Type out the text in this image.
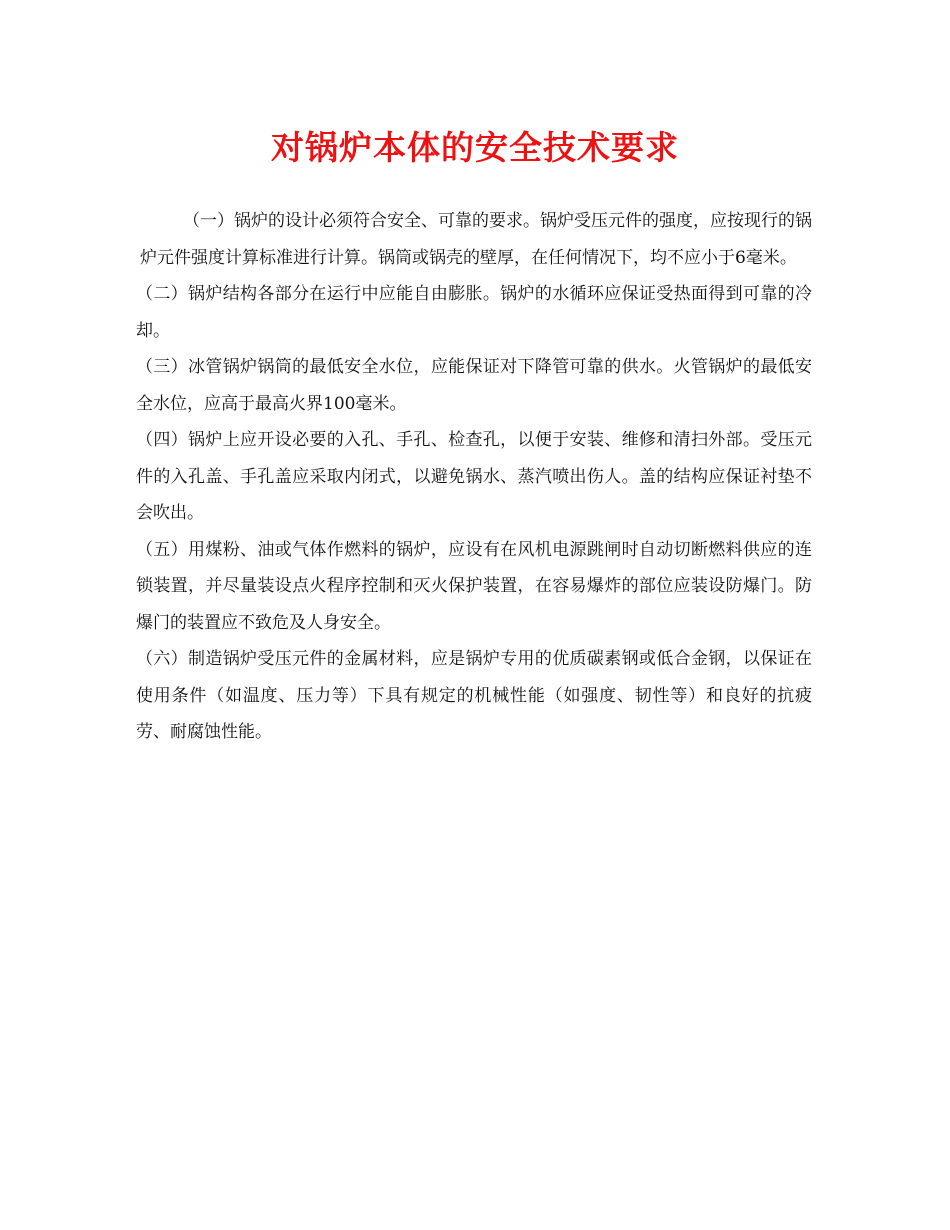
对锅炉本体的安全技术要求

（一）锅炉的设计必须符合安全、可靠的要求。锅炉受压元件的强度，应按现行的锅炉元件强度计算标准进行计算。锅筒或锅壳的壁厚，在任何情况下，均不应小于6毫米。

（二）锅炉结构各部分在运行中应能自由膨胀。锅炉的水循环应保证受热面得到可靠的冷却。

（三）冰管锅炉锅筒的最低安全水位，应能保证对下降管可靠的供水。火管锅炉的最低安全水位，应高于最高火界100毫米。

（四）锅炉上应开设必要的入孔、手孔、检查孔，以便于安装、维修和清扫外部。受压元件的入孔盖、手孔盖应采取内闭式，以避免锅水、蒸汽喷出伤人。盖的结构应保证衬垫不会吹出。

（五）用煤粉、油或气体作燃料的锅炉，应设有在风机电源跳闸时自动切断燃料供应的连锁装置，并尽量装设点火程序控制和灭火保护装置，在容易爆炸的部位应装设防爆门。防爆门的装置应不致危及人身安全。

（六）制造锅炉受压元件的金属材料，应是锅炉专用的优质碳素钢或低合金钢，以保证在使用条件（如温度、压力等）下具有规定的机械性能（如强度、韧性等）和良好的抗疲劳、耐腐蚀性能。
